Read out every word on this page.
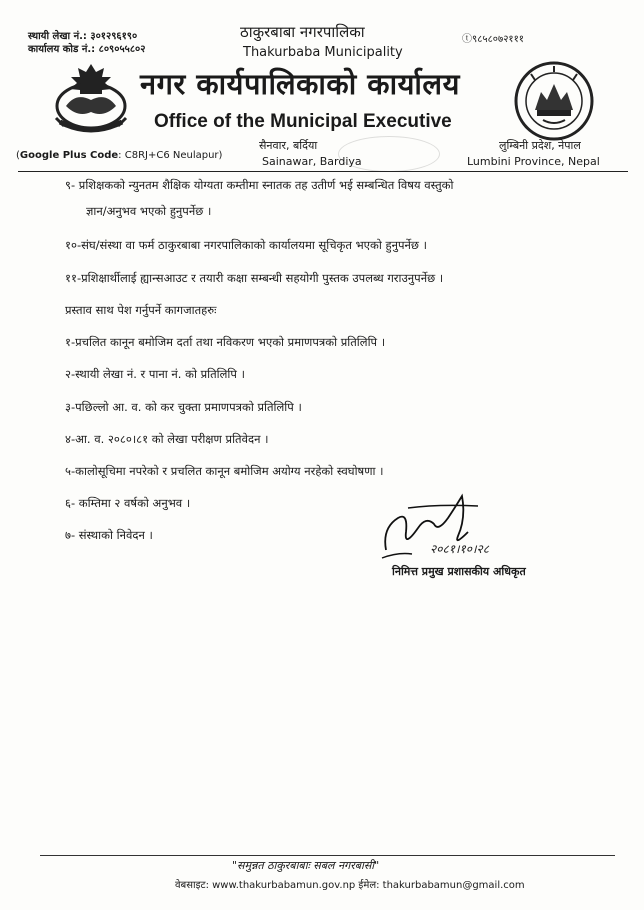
स्थायी लेखा नं.: ३०१२९६१९०
कार्यालय कोड नं.: ८०९०५५८०२
ⓣ९८५८०७२१११
ठाकुरबाबा नगरपालिका
Thakurbaba Municipality
नगर कार्यपालिकाको कार्यालय
Office of the Municipal Executive
(Google Plus Code: C8RJ+C6 Neulapur)
सैनवार, बर्दिया
Sainawar, Bardiya
लुम्बिनी प्रदेश, नेपाल
Lumbini Province, Nepal
९- प्रशिक्षकको न्युनतम शैक्षिक योग्यता कम्तीमा स्नातक तह उतीर्ण भई सम्बन्धित विषय वस्तुको
ज्ञान/अनुभव भएको हुनुपर्नेछ ।
१०-संघ/संस्था वा फर्म ठाकुरबाबा नगरपालिकाको कार्यालयमा सूचिकृत भएको हुनुपर्नेछ ।
११-प्रशिक्षार्थीलाई ह्यान्सआउट र तयारी कक्षा सम्बन्धी सहयोगी पुस्तक उपलब्ध गराउनुपर्नेछ ।
प्रस्ताव साथ पेश गर्नुपर्ने कागजातहरुः
१-प्रचलित कानून बमोजिम दर्ता तथा नविकरण भएको प्रमाणपत्रको प्रतिलिपि ।
२-स्थायी लेखा नं. र पाना नं. को प्रतिलिपि ।
३-पछिल्लो आ. व. को कर चुक्ता प्रमाणपत्रको प्रतिलिपि ।
४-आ. व. २०८०।८१ को लेखा परीक्षण प्रतिवेदन ।
५-कालोसूचिमा नपरेको र प्रचलित कानून बमोजिम अयोग्य नरहेको स्वघोषणा ।
६- कम्तिमा २ वर्षको अनुभव ।
७- संस्थाको निवेदन ।
२०८१।१०।२८
निमित्त प्रमुख प्रशासकीय अधिकृत
"समुन्नत ठाकुरबाबाः सबल नगरबासी"
वेबसाइट: www.thakurbabamun.gov.np ईमेल: thakurbabamun@gmail.com
